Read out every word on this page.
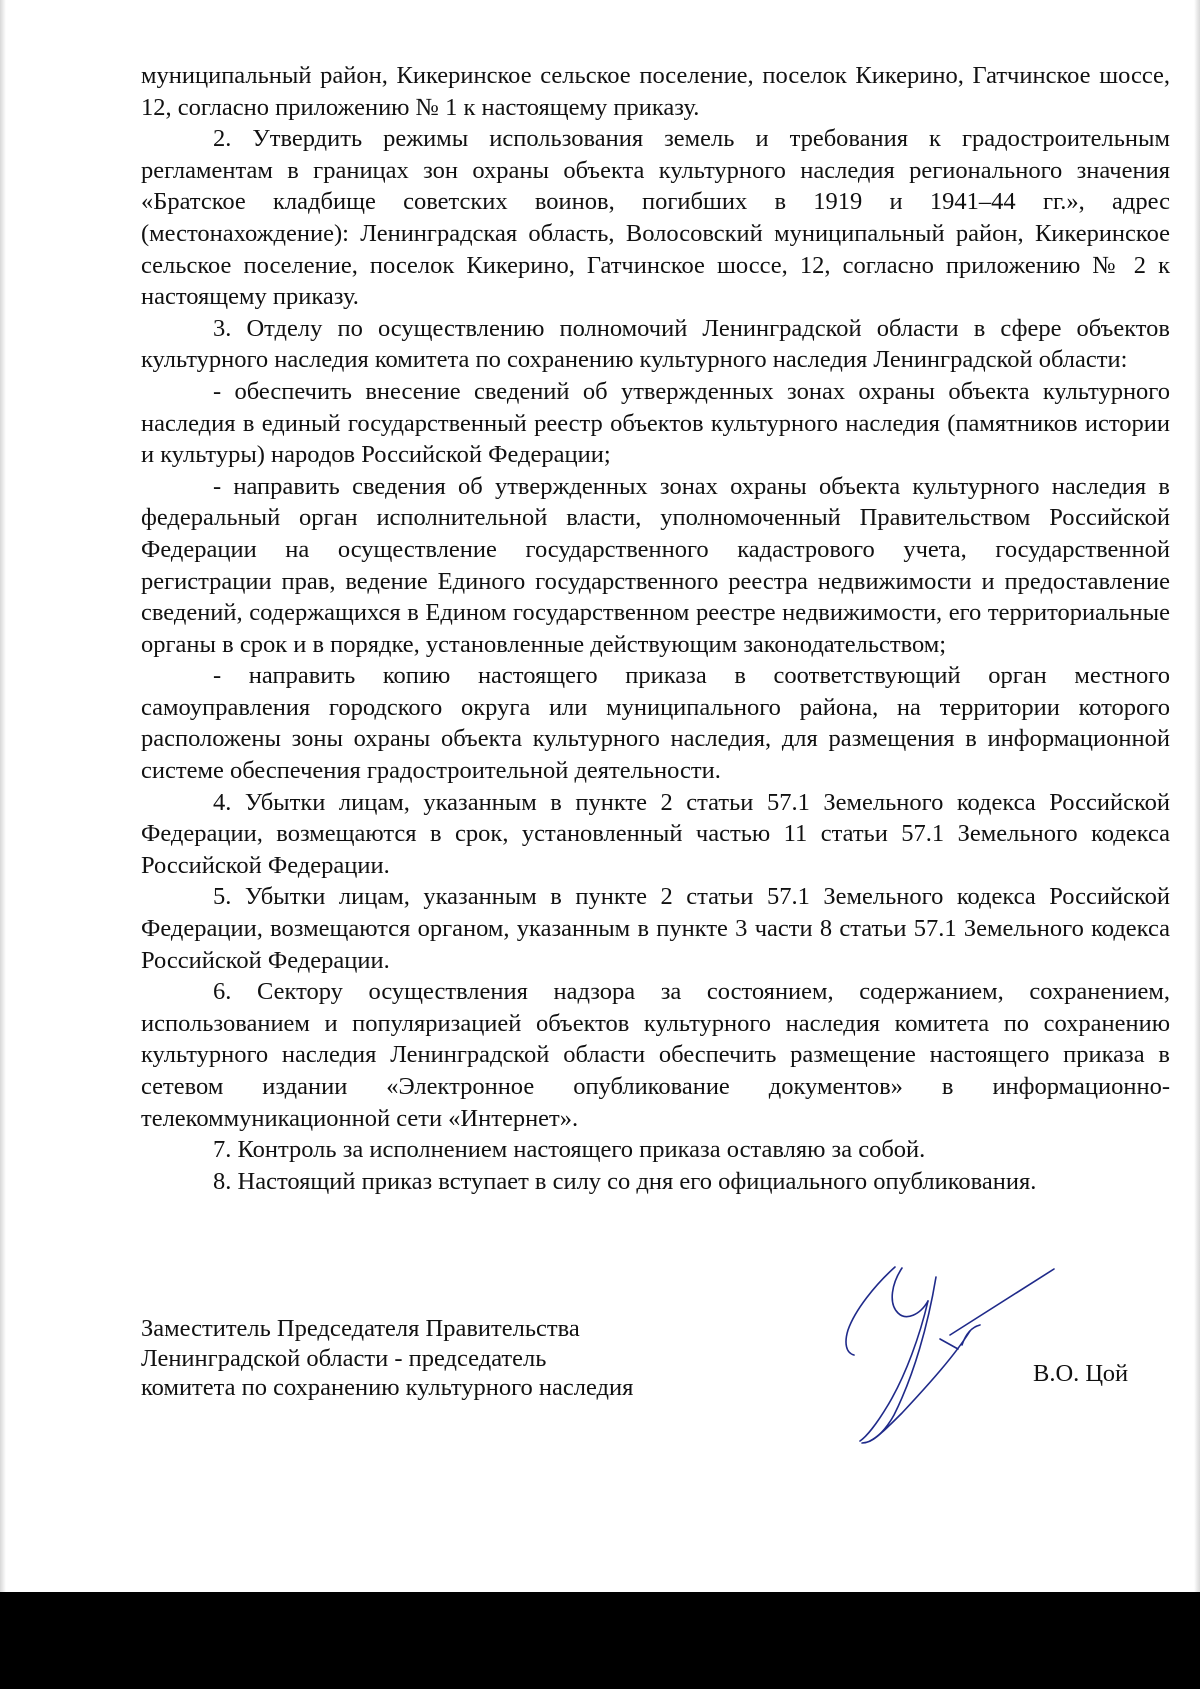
муниципальный район, Кикеринское сельское поселение, поселок Кикерино, Гатчинское шоссе, 12, согласно приложению № 1 к настоящему приказу.

2. Утвердить режимы использования земель и требования к градостроительным регламентам в границах зон охраны объекта культурного наследия регионального значения «Братское кладбище советских воинов, погибших в 1919 и 1941–44 гг.», адрес (местонахождение): Ленинградская область, Волосовский муниципальный район, Кикеринское сельское поселение, поселок Кикерино, Гатчинское шоссе, 12, согласно приложению № 2 к настоящему приказу.

3. Отделу по осуществлению полномочий Ленинградской области в сфере объектов культурного наследия комитета по сохранению культурного наследия Ленинградской области:

- обеспечить внесение сведений об утвержденных зонах охраны объекта культурного наследия в единый государственный реестр объектов культурного наследия (памятников истории и культуры) народов Российской Федерации;

- направить сведения об утвержденных зонах охраны объекта культурного наследия в федеральный орган исполнительной власти, уполномоченный Правительством Российской Федерации на осуществление государственного кадастрового учета, государственной регистрации прав, ведение Единого государственного реестра недвижимости и предоставление сведений, содержащихся в Едином государственном реестре недвижимости, его территориальные органы в срок и в порядке, установленные действующим законодательством;

- направить копию настоящего приказа в соответствующий орган местного самоуправления городского округа или муниципального района, на территории которого расположены зоны охраны объекта культурного наследия, для размещения в информационной системе обеспечения градостроительной деятельности.

4. Убытки лицам, указанным в пункте 2 статьи 57.1 Земельного кодекса Российской Федерации, возмещаются в срок, установленный частью 11 статьи 57.1 Земельного кодекса Российской Федерации.

5. Убытки лицам, указанным в пункте 2 статьи 57.1 Земельного кодекса Российской Федерации, возмещаются органом, указанным в пункте 3 части 8 статьи 57.1 Земельного кодекса Российской Федерации.

6. Сектору осуществления надзора за состоянием, содержанием, сохранением, использованием и популяризацией объектов культурного наследия комитета по сохранению культурного наследия Ленинградской области обеспечить размещение настоящего приказа в сетевом издании «Электронное опубликование документов» в информационно-телекоммуникационной сети «Интернет».

7. Контроль за исполнением настоящего приказа оставляю за собой.

8. Настоящий приказ вступает в силу со дня его официального опубликования.

Заместитель Председателя Правительства
Ленинградской области - председатель
комитета по сохранению культурного наследия
В.О. Цой
